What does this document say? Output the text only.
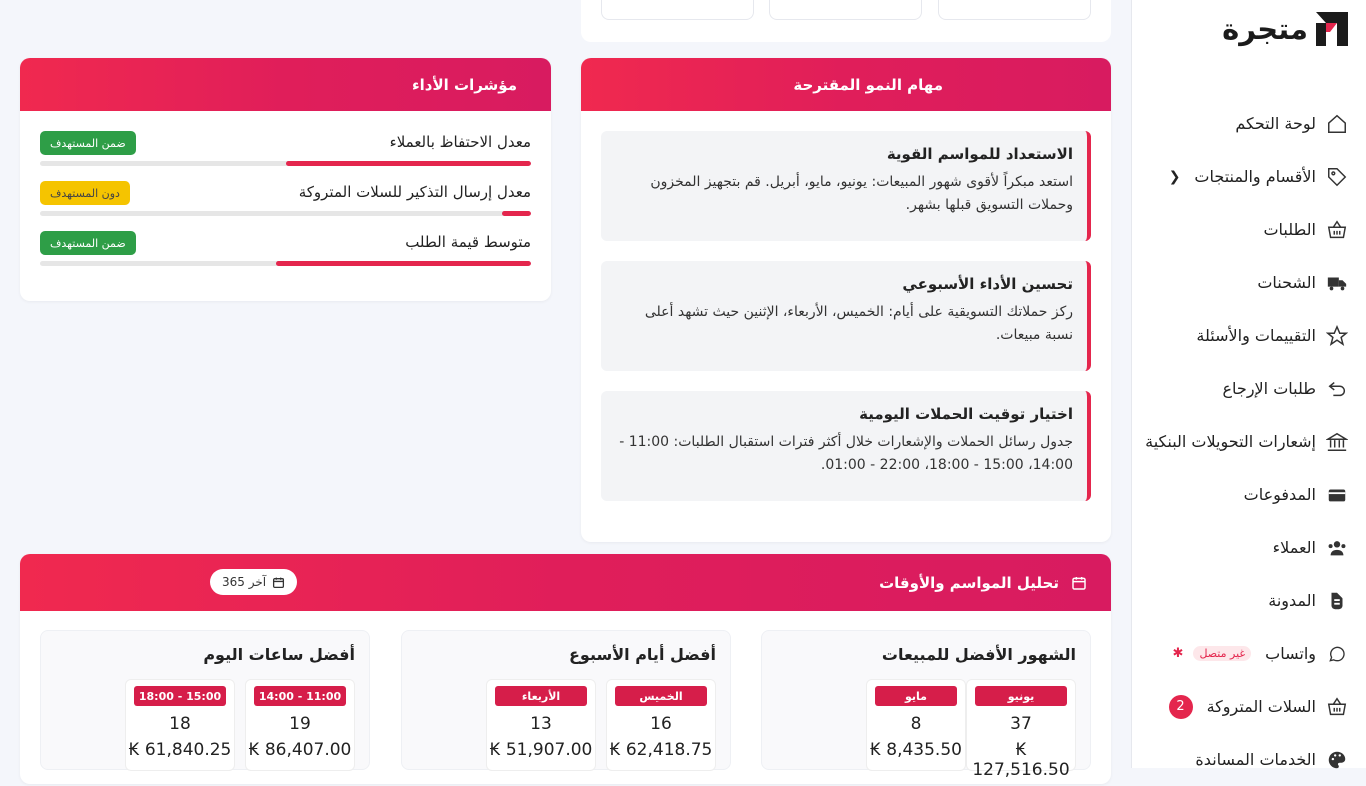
متجرة
لوحة التحكم
الأقسام والمنتجات
❮
الطلبات
الشحنات
التقييمات والأسئلة
طلبات الإرجاع
إشعارات التحويلات البنكية
المدفوعات
العملاء
المدونة
واتساب
غير متصل
✱
السلات المتروكة
2
الخدمات المساندة
مهام النمو المقترحة
الاستعداد للمواسم القوية
استعد مبكراً لأقوى شهور المبيعات: يونيو، مايو، أبريل. قم بتجهيز المخزون وحملات التسويق قبلها بشهر.
تحسين الأداء الأسبوعي
ركز حملاتك التسويقية على أيام: الخميس، الأربعاء، الإثنين حيث تشهد أعلى نسبة مبيعات.
اختيار توقيت الحملات اليومية
جدول رسائل الحملات والإشعارات خلال أكثر فترات استقبال الطلبات: 11:00 - 14:00، 15:00 - 18:00، 22:00 - 01:00.
مؤشرات الأداء
معدل الاحتفاظ بالعملاء
ضمن المستهدف
معدل إرسال التذكير للسلات المتروكة
دون المستهدف
متوسط قيمة الطلب
ضمن المستهدف
تحليل المواسم والأوقات
آخر 365
الشهور الأفضل للمبيعات
يونيو
37
₭ 127,516.50
مايو
8
₭ 8,435.50
أفضل أيام الأسبوع
الخميس
16
₭ 62,418.75
الأربعاء
13
₭ 51,907.00
أفضل ساعات اليوم
11:00 - 14:00
19
₭ 86,407.00
15:00 - 18:00
18
₭ 61,840.25
